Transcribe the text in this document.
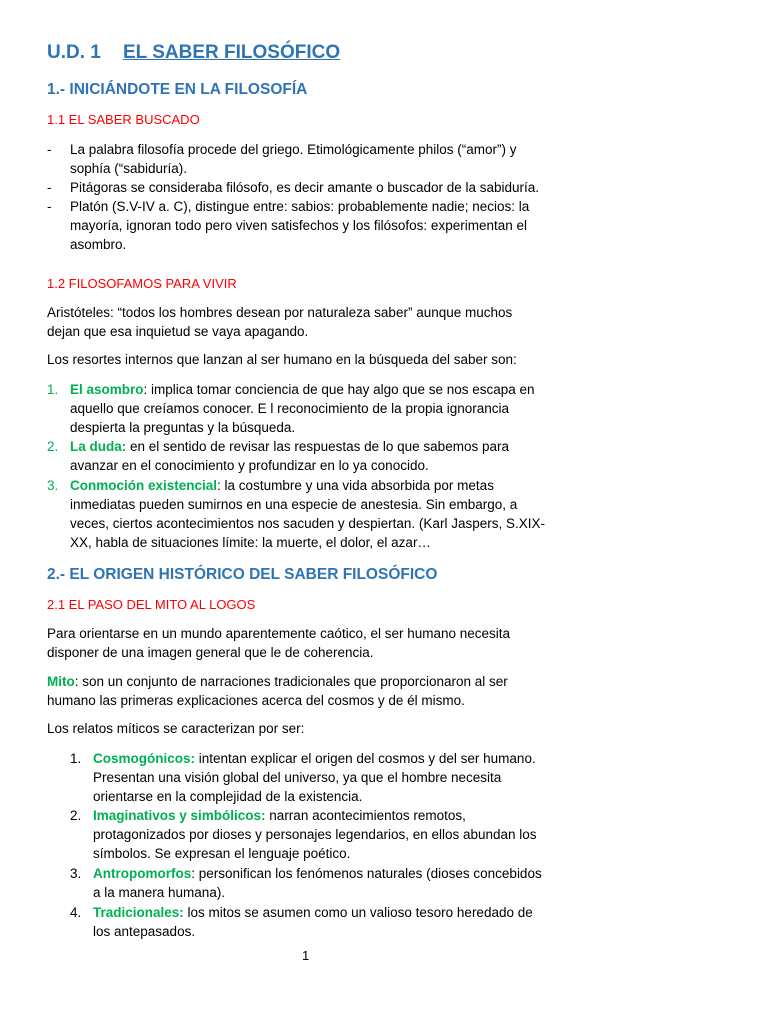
U.D. 1 EL SABER FILOSÓFICO
1.- INICIÁNDOTE EN LA FILOSOFÍA
1.1 EL SABER BUSCADO
- La palabra filosofía procede del griego. Etimológicamente philos (“amor”) y
sophía (“sabiduría).
- Pitágoras se consideraba filósofo, es decir amante o buscador de la sabiduría.
- Platón (S.V-IV a. C), distingue entre: sabios: probablemente nadie; necios: la
mayoría, ignoran todo pero viven satisfechos y los filósofos: experimentan el
asombro.
1.2 FILOSOFAMOS PARA VIVIR
Aristóteles: “todos los hombres desean por naturaleza saber” aunque muchos
dejan que esa inquietud se vaya apagando.
Los resortes internos que lanzan al ser humano en la búsqueda del saber son:
1. El asombro: implica tomar conciencia de que hay algo que se nos escapa en
aquello que creíamos conocer. E l reconocimiento de la propia ignorancia
despierta la preguntas y la búsqueda.
2. La duda: en el sentido de revisar las respuestas de lo que sabemos para
avanzar en el conocimiento y profundizar en lo ya conocido.
3. Conmoción existencial: la costumbre y una vida absorbida por metas
inmediatas pueden sumirnos en una especie de anestesia. Sin embargo, a
veces, ciertos acontecimientos nos sacuden y despiertan. (Karl Jaspers, S.XIX-
XX, habla de situaciones límite: la muerte, el dolor, el azar…
2.- EL ORIGEN HISTÓRICO DEL SABER FILOSÓFICO
2.1 EL PASO DEL MITO AL LOGOS
Para orientarse en un mundo aparentemente caótico, el ser humano necesita
disponer de una imagen general que le de coherencia.
Mito: son un conjunto de narraciones tradicionales que proporcionaron al ser
humano las primeras explicaciones acerca del cosmos y de él mismo.
Los relatos míticos se caracterizan por ser:
1. Cosmogónicos: intentan explicar el origen del cosmos y del ser humano.
Presentan una visión global del universo, ya que el hombre necesita
orientarse en la complejidad de la existencia.
2. Imaginativos y simbólicos: narran acontecimientos remotos,
protagonizados por dioses y personajes legendarios, en ellos abundan los
símbolos. Se expresan el lenguaje poético.
3. Antropomorfos: personifican los fenómenos naturales (dioses concebidos
a la manera humana).
4. Tradicionales: los mitos se asumen como un valioso tesoro heredado de
los antepasados.
1
